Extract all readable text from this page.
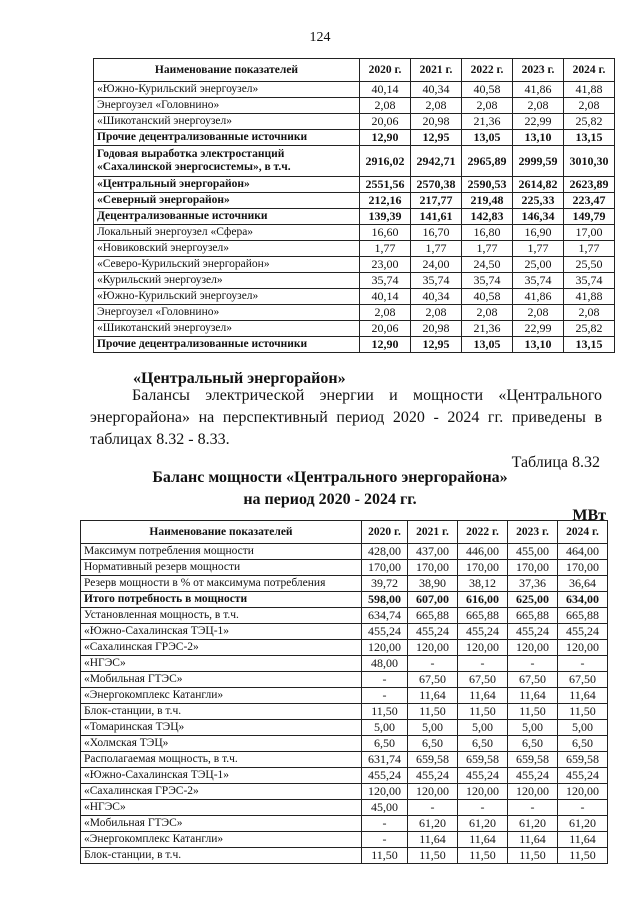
124
Наименование показателей	2020 г.	2021 г.	2022 г.	2023 г.	2024 г.
«Южно-Курильский энергоузел»	40,14	40,34	40,58	41,86	41,88
Энергоузел «Головнино»	2,08	2,08	2,08	2,08	2,08
«Шикотанский энергоузел»	20,06	20,98	21,36	22,99	25,82
Прочие децентрализованные источники	12,90	12,95	13,05	13,10	13,15
Годовая выработка электростанций «Сахалинской энергосистемы», в т.ч.	2916,02	2942,71	2965,89	2999,59	3010,30
«Центральный энергорайон»	2551,56	2570,38	2590,53	2614,82	2623,89
«Северный энергорайон»	212,16	217,77	219,48	225,33	223,47
Децентрализованные источники	139,39	141,61	142,83	146,34	149,79
Локальный энергоузел «Сфера»	16,60	16,70	16,80	16,90	17,00
«Новиковский энергоузел»	1,77	1,77	1,77	1,77	1,77
«Северо-Курильский энергорайон»	23,00	24,00	24,50	25,00	25,50
«Курильский энергоузел»	35,74	35,74	35,74	35,74	35,74
«Южно-Курильский энергоузел»	40,14	40,34	40,58	41,86	41,88
Энергоузел «Головнино»	2,08	2,08	2,08	2,08	2,08
«Шикотанский энергоузел»	20,06	20,98	21,36	22,99	25,82
Прочие децентрализованные источники	12,90	12,95	13,05	13,10	13,15
«Центральный энергорайон»
Балансы электрической энергии и мощности «Центрального энергорайона» на перспективный период 2020 - 2024 гг. приведены в таблицах 8.32 - 8.33.
Таблица 8.32
Баланс мощности «Центрального энергорайона»
на период 2020 - 2024 гг.
МВт
Наименование показателей	2020 г.	2021 г.	2022 г.	2023 г.	2024 г.
Максимум потребления мощности	428,00	437,00	446,00	455,00	464,00
Нормативный резерв мощности	170,00	170,00	170,00	170,00	170,00
Резерв мощности в % от максимума потребления	39,72	38,90	38,12	37,36	36,64
Итого потребность в мощности	598,00	607,00	616,00	625,00	634,00
Установленная мощность, в т.ч.	634,74	665,88	665,88	665,88	665,88
«Южно-Сахалинская ТЭЦ-1»	455,24	455,24	455,24	455,24	455,24
«Сахалинская ГРЭС-2»	120,00	120,00	120,00	120,00	120,00
«НГЭС»	48,00	-	-	-	-
«Мобильная ГТЭС»	-	67,50	67,50	67,50	67,50
«Энергокомплекс Катангли»	-	11,64	11,64	11,64	11,64
Блок-станции, в т.ч.	11,50	11,50	11,50	11,50	11,50
«Томаринская ТЭЦ»	5,00	5,00	5,00	5,00	5,00
«Холмская ТЭЦ»	6,50	6,50	6,50	6,50	6,50
Располагаемая мощность, в т.ч.	631,74	659,58	659,58	659,58	659,58
«Южно-Сахалинская ТЭЦ-1»	455,24	455,24	455,24	455,24	455,24
«Сахалинская ГРЭС-2»	120,00	120,00	120,00	120,00	120,00
«НГЭС»	45,00	-	-	-	-
«Мобильная ГТЭС»	-	61,20	61,20	61,20	61,20
«Энергокомплекс Катангли»	-	11,64	11,64	11,64	11,64
Блок-станции, в т.ч.	11,50	11,50	11,50	11,50	11,50
